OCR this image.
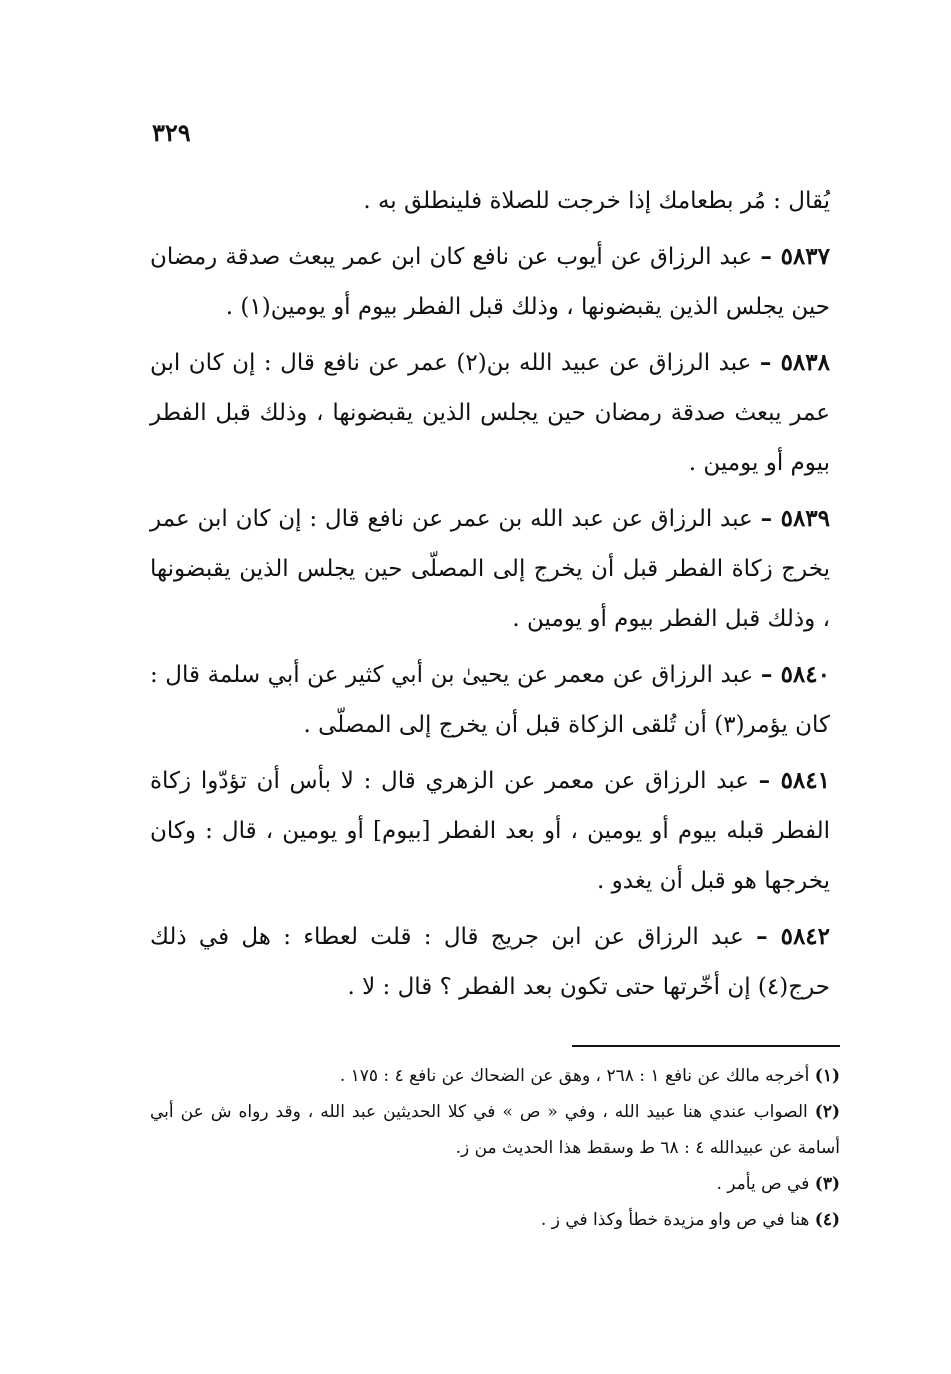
٣٢٩

يُقال : مُر بطعامك إذا خرجت للصلاة فلينطلق به .

٥٨٣٧ – عبد الرزاق عن أيوب عن نافع كان ابن عمر يبعث صدقة رمضان حين يجلس الذين يقبضونها ، وذلك قبل الفطر بيوم أو يومين(١) .

٥٨٣٨ – عبد الرزاق عن عبيد الله بن(٢) عمر عن نافع قال : إن كان ابن عمر يبعث صدقة رمضان حين يجلس الذين يقبضونها ، وذلك قبل الفطر بيوم أو يومين .

٥٨٣٩ – عبد الرزاق عن عبد الله بن عمر عن نافع قال : إن كان ابن عمر يخرج زكاة الفطر قبل أن يخرج إلى المصلّى حين يجلس الذين يقبضونها ، وذلك قبل الفطر بيوم أو يومين .

٥٨٤٠ – عبد الرزاق عن معمر عن يحيىٰ بن أبي كثير عن أبي سلمة قال : كان يؤمر(٣) أن تُلقى الزكاة قبل أن يخرج إلى المصلّى .

٥٨٤١ – عبد الرزاق عن معمر عن الزهري قال : لا بأس أن تؤدّوا زكاة الفطر قبله بيوم أو يومين ، أو بعد الفطر [بيوم] أو يومين ، قال : وكان يخرجها هو قبل أن يغدو .

٥٨٤٢ – عبد الرزاق عن ابن جريج قال : قلت لعطاء : هل في ذلك حرج(٤) إن أخّرتها حتى تكون بعد الفطر ؟ قال : لا .

(١) أخرجه مالك عن نافع ١ : ٢٦٨ ، وهق عن الضحاك عن نافع ٤ : ١٧٥ .

(٢) الصواب عندي هنا عبيد الله ، وفي « ص » في كلا الحديثين عبد الله ، وقد رواه ش عن أبي أسامة عن عبيدالله ٤ : ٦٨ ط وسقط هذا الحديث من ز.

(٣) في ص يأمر .

(٤) هنا في ص واو مزيدة خطأ وكذا في ز .
